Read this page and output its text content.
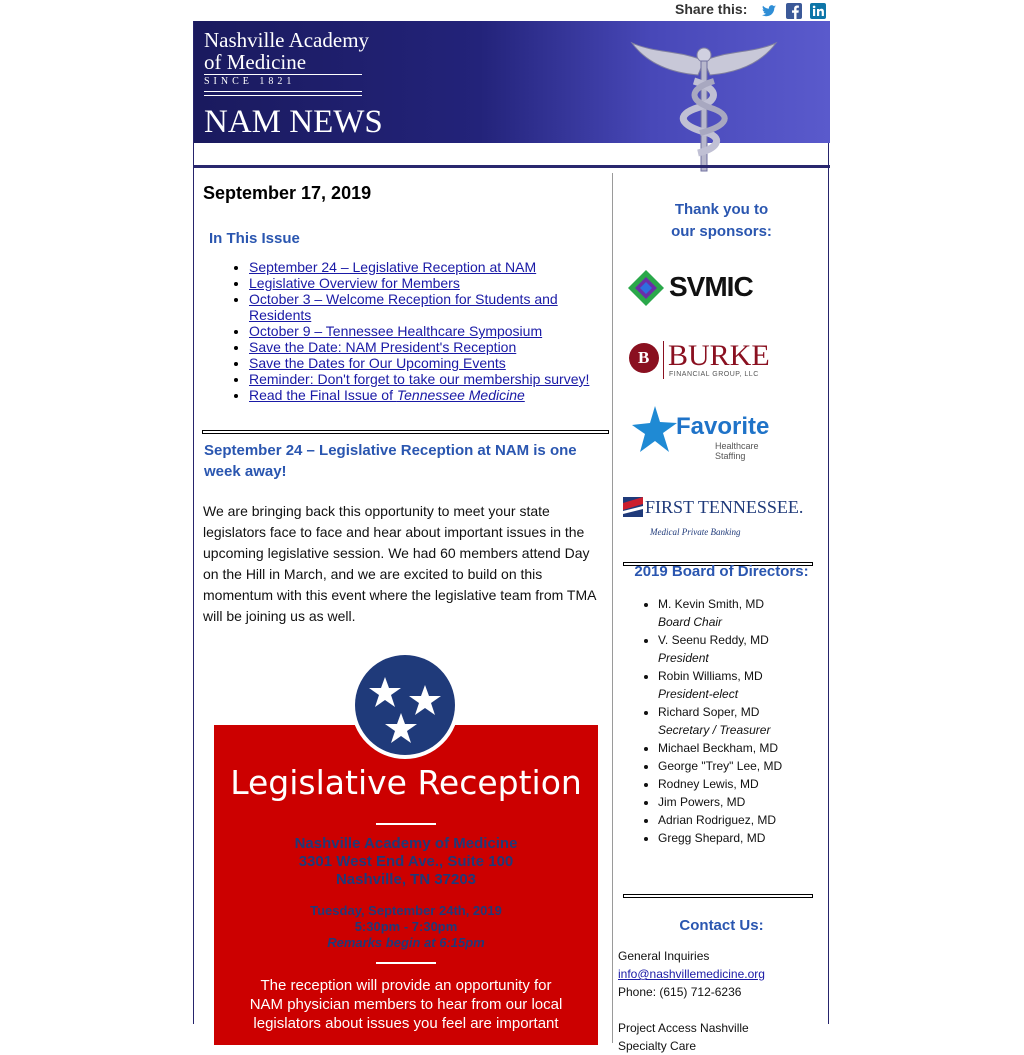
Share this:
Nashville Academy
of Medicine
SINCE 1821
NAM NEWS
September 17, 2019
In This Issue
• September 24 – Legislative Reception at NAM
• Legislative Overview for Members
• October 3 – Welcome Reception for Students and Residents
• October 9 – Tennessee Healthcare Symposium
• Save the Date: NAM President's Reception
• Save the Dates for Our Upcoming Events
• Reminder: Don't forget to take our membership survey!
• Read the Final Issue of Tennessee Medicine
September 24 – Legislative Reception at NAM is one week away!
We are bringing back this opportunity to meet your state legislators face to face and hear about important issues in the upcoming legislative session. We had 60 members attend Day on the Hill in March, and we are excited to build on this momentum with this event where the legislative team from TMA will be joining us as well.
Legislative Reception
Nashville Academy of Medicine
3301 West End Ave., Suite 100
Nashville, TN 37203
Tuesday, September 24th, 2019
5:30pm - 7:30pm
Remarks begin at 6:15pm
The reception will provide an opportunity for
NAM physician members to hear from our local
legislators about issues you feel are important
Thank you to
our sponsors:
SVMIC
B BURKE
FINANCIAL GROUP, LLC
Favorite
Healthcare Staffing
FIRST TENNESSEE.
Medical Private Banking
2019 Board of Directors:
• M. Kevin Smith, MD
Board Chair
• V. Seenu Reddy, MD
President
• Robin Williams, MD
President-elect
• Richard Soper, MD
Secretary / Treasurer
• Michael Beckham, MD
• George "Trey" Lee, MD
• Rodney Lewis, MD
• Jim Powers, MD
• Adrian Rodriguez, MD
• Gregg Shepard, MD
Contact Us:
General Inquiries
info@nashvillemedicine.org
Phone: (615) 712-6236
Project Access Nashville
Specialty Care
